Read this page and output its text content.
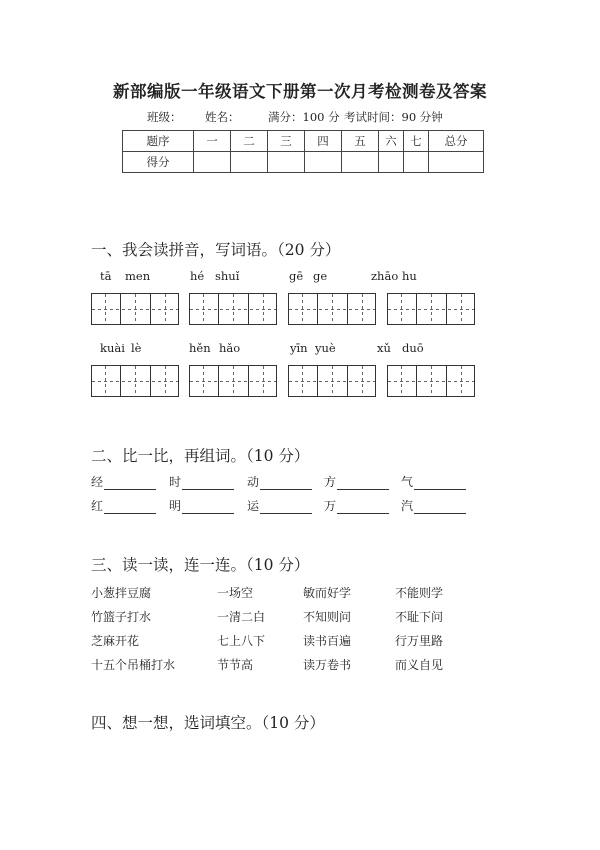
新部编版一年级语文下册第一次月考检测卷及答案
班级： 姓名： 满分：100 分 考试时间：90 分钟
题序	一	二	三	四	五	六	七	总分
得分								
一、我会读拼音，写词语。（20 分）
tā men	hé shuǐ	gē ge	zhāo hu
kuài lè	hěn hǎo	yīn yuè	xǔ duō
二、比一比，再组词。（10 分）
经	时	动	方	气
红	明	运	万	汽
三、读一读，连一连。（10 分）
小葱拌豆腐	一场空	敏而好学	不能则学
竹篮子打水	一清二白	不知则问	不耻下问
芝麻开花	七上八下	读书百遍	行万里路
十五个吊桶打水	节节高	读万卷书	而义自见
四、想一想，选词填空。（10 分）
